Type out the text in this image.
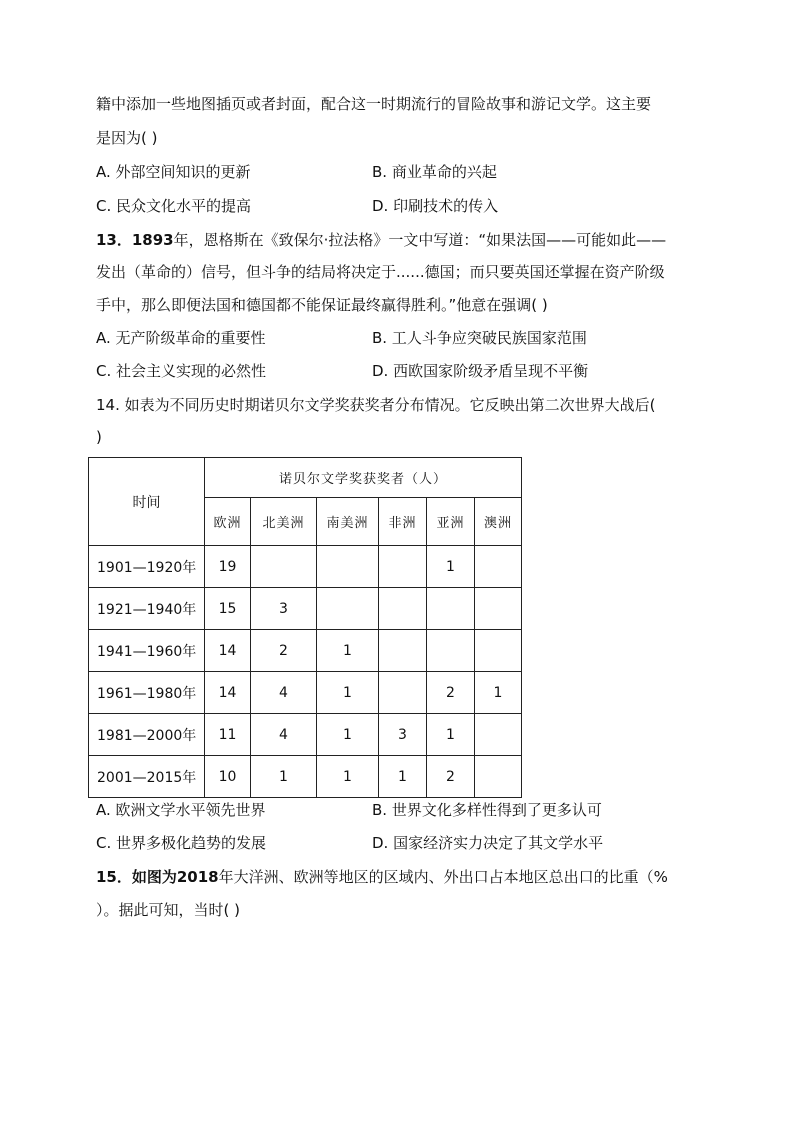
籍中添加一些地图插页或者封面，配合这一时期流行的冒险故事和游记文学。这主要
是因为( )
A. 外部空间知识的更新	B. 商业革命的兴起
C. 民众文化水平的提高	D. 印刷技术的传入
13．1893年，恩格斯在《致保尔·拉法格》一文中写道：“如果法国——可能如此——
发出（革命的）信号，但斗争的结局将决定于......德国；而只要英国还掌握在资产阶级
手中，那么即便法国和德国都不能保证最终赢得胜利。”他意在强调( )
A. 无产阶级革命的重要性	B. 工人斗争应突破民族国家范围
C. 社会主义实现的必然性	D. 西欧国家阶级矛盾呈现不平衡
14. 如表为不同历史时期诺贝尔文学奖获奖者分布情况。它反映出第二次世界大战后(
)
时间	诺贝尔文学奖获奖者（人）					
	欧洲	北美洲	南美洲	非洲	亚洲	澳洲
1901—1920年	19				1	
1921—1940年	15	3				
1941—1960年	14	2	1			
1961—1980年	14	4	1		2	1
1981—2000年	11	4	1	3	1	
2001—2015年	10	1	1	1	2	
A. 欧洲文学水平领先世界	B. 世界文化多样性得到了更多认可
C. 世界多极化趋势的发展	D. 国家经济实力决定了其文学水平
15．如图为2018年大洋洲、欧洲等地区的区域内、外出口占本地区总出口的比重（%
）。据此可知，当时( )
